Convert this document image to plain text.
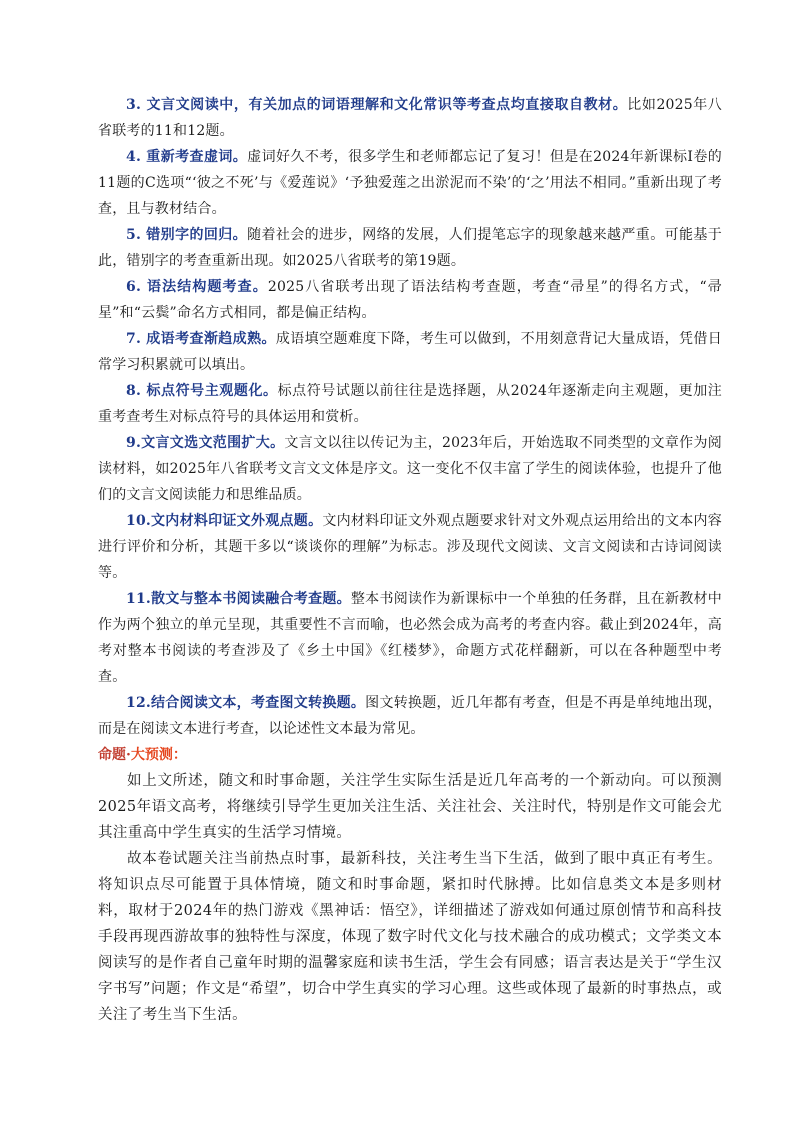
3. 文言文阅读中，有关加点的词语理解和文化常识等考查点均直接取自教材。比如2025年八省联考的11和12题。

4. 重新考查虚词。虚词好久不考，很多学生和老师都忘记了复习！但是在2024年新课标Ⅰ卷的11题的C选项“‘彼之不死’与《爱莲说》‘予独爱莲之出淤泥而不染’的‘之’用法不相同。”重新出现了考查，且与教材结合。

5. 错别字的回归。随着社会的进步，网络的发展，人们提笔忘字的现象越来越严重。可能基于此，错别字的考查重新出现。如2025八省联考的第19题。

6. 语法结构题考查。2025八省联考出现了语法结构考查题，考查“帚星”的得名方式，“帚星”和“云鬓”命名方式相同，都是偏正结构。

7. 成语考查渐趋成熟。成语填空题难度下降，考生可以做到，不用刻意背记大量成语，凭借日常学习积累就可以填出。

8. 标点符号主观题化。标点符号试题以前往往是选择题，从2024年逐渐走向主观题，更加注重考查考生对标点符号的具体运用和赏析。

9.文言文选文范围扩大。文言文以往以传记为主，2023年后，开始选取不同类型的文章作为阅读材料，如2025年八省联考文言文文体是序文。这一变化不仅丰富了学生的阅读体验，也提升了他们的文言文阅读能力和思维品质。

10.文内材料印证文外观点题。文内材料印证文外观点题要求针对文外观点运用给出的文本内容进行评价和分析，其题干多以“谈谈你的理解”为标志。涉及现代文阅读、文言文阅读和古诗词阅读等。

11.散文与整本书阅读融合考查题。整本书阅读作为新课标中一个单独的任务群，且在新教材中作为两个独立的单元呈现，其重要性不言而喻，也必然会成为高考的考查内容。截止到2024年，高考对整本书阅读的考查涉及了《乡土中国》《红楼梦》，命题方式花样翻新，可以在各种题型中考查。

12.结合阅读文本，考查图文转换题。图文转换题，近几年都有考查，但是不再是单纯地出现，而是在阅读文本进行考查，以论述性文本最为常见。

命题·大预测：

如上文所述，随文和时事命题，关注学生实际生活是近几年高考的一个新动向。可以预测2025年语文高考，将继续引导学生更加关注生活、关注社会、关注时代，特别是作文可能会尤其注重高中学生真实的生活学习情境。

故本卷试题关注当前热点时事，最新科技，关注考生当下生活，做到了眼中真正有考生。将知识点尽可能置于具体情境，随文和时事命题，紧扣时代脉搏。比如信息类文本是多则材料，取材于2024年的热门游戏《黑神话：悟空》，详细描述了游戏如何通过原创情节和高科技手段再现西游故事的独特性与深度，体现了数字时代文化与技术融合的成功模式；文学类文本阅读写的是作者自己童年时期的温馨家庭和读书生活，学生会有同感；语言表达是关于“学生汉字书写”问题；作文是“希望”，切合中学生真实的学习心理。这些或体现了最新的时事热点，或关注了考生当下生活。
